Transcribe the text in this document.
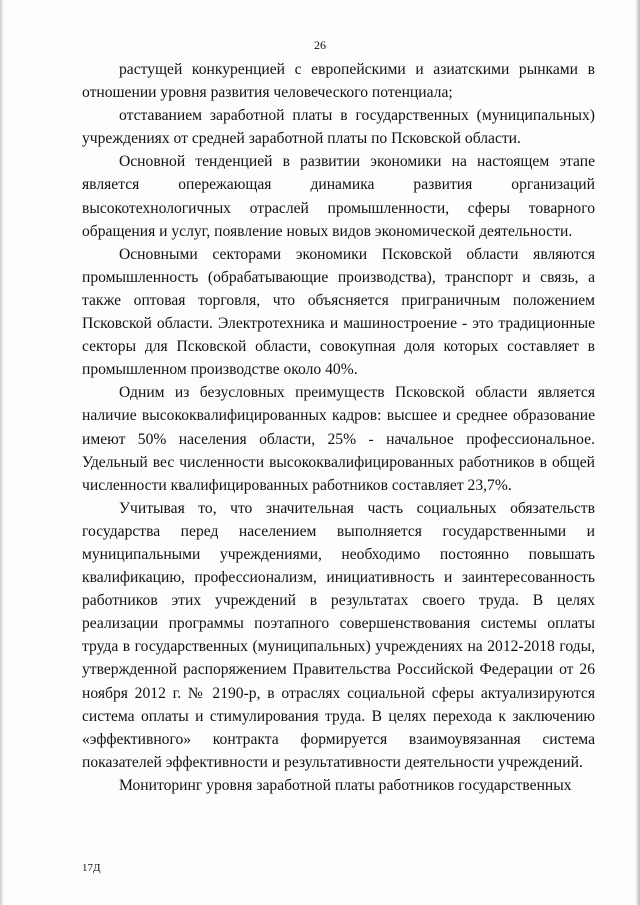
26

растущей конкуренцией с европейскими и азиатскими рынками в отношении уровня развития человеческого потенциала;

отставанием заработной платы в государственных (муниципальных) учреждениях от средней заработной платы по Псковской области.

Основной тенденцией в развитии экономики на настоящем этапе является опережающая динамика развития организаций высокотехнологичных отраслей промышленности, сферы товарного обращения и услуг, появление новых видов экономической деятельности.

Основными секторами экономики Псковской области являются промышленность (обрабатывающие производства), транспорт и связь, а также оптовая торговля, что объясняется приграничным положением Псковской области. Электротехника и машиностроение - это традиционные секторы для Псковской области, совокупная доля которых составляет в промышленном производстве около 40%.

Одним из безусловных преимуществ Псковской области является наличие высококвалифицированных кадров: высшее и среднее образование имеют 50% населения области, 25% - начальное профессиональное. Удельный вес численности высококвалифицированных работников в общей численности квалифицированных работников составляет 23,7%.

Учитывая то, что значительная часть социальных обязательств государства перед населением выполняется государственными и муниципальными учреждениями, необходимо постоянно повышать квалификацию, профессионализм, инициативность и заинтересованность работников этих учреждений в результатах своего труда. В целях реализации программы поэтапного совершенствования системы оплаты труда в государственных (муниципальных) учреждениях на 2012-2018 годы, утвержденной распоряжением Правительства Российской Федерации от 26 ноября 2012 г. № 2190-р, в отраслях социальной сферы актуализируются система оплаты и стимулирования труда. В целях перехода к заключению «эффективного» контракта формируется взаимоувязанная система показателей эффективности и результативности деятельности учреждений.

Мониторинг уровня заработной платы работников государственных

17Д
